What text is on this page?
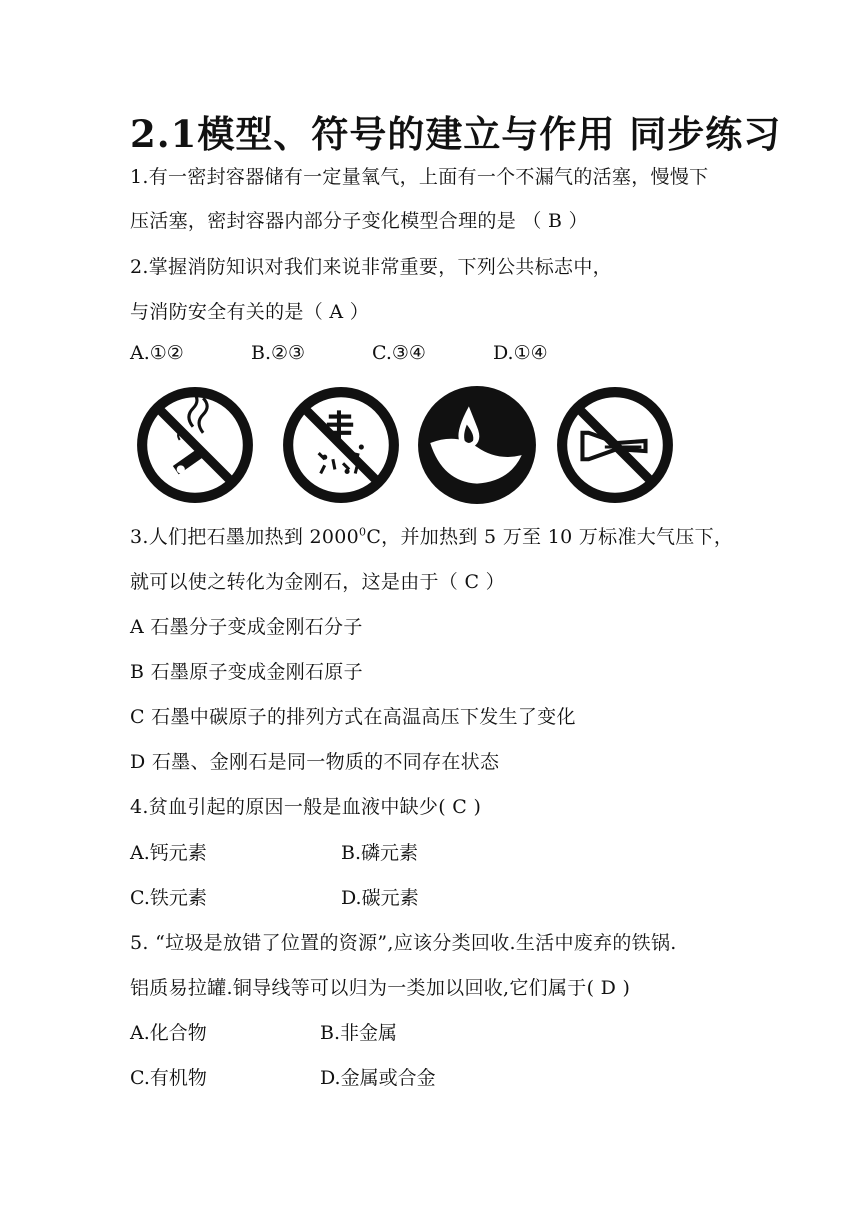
2.1模型、符号的建立与作用 同步练习
1.有一密封容器储有一定量氧气，上面有一个不漏气的活塞，慢慢下
压活塞，密封容器内部分子变化模型合理的是 （ B ）
2.掌握消防知识对我们来说非常重要，下列公共标志中，
与消防安全有关的是（ A ）
A.①②	B.②③	C.③④	D.①④
3.人们把石墨加热到 2000$^0$C，并加热到 5 万至 10 万标准大气压下，
就可以使之转化为金刚石，这是由于（ C ）
A 石墨分子变成金刚石分子
B 石墨原子变成金刚石原子
C 石墨中碳原子的排列方式在高温高压下发生了变化
D 石墨、金刚石是同一物质的不同存在状态
4.贫血引起的原因一般是血液中缺少( C )
A.钙元素	B.磷元素
C.铁元素	D.碳元素
5. “垃圾是放错了位置的资源”,应该分类回收.生活中废弃的铁锅.
铝质易拉罐.铜导线等可以归为一类加以回收,它们属于( D )
A.化合物	B.非金属
C.有机物	D.金属或合金
